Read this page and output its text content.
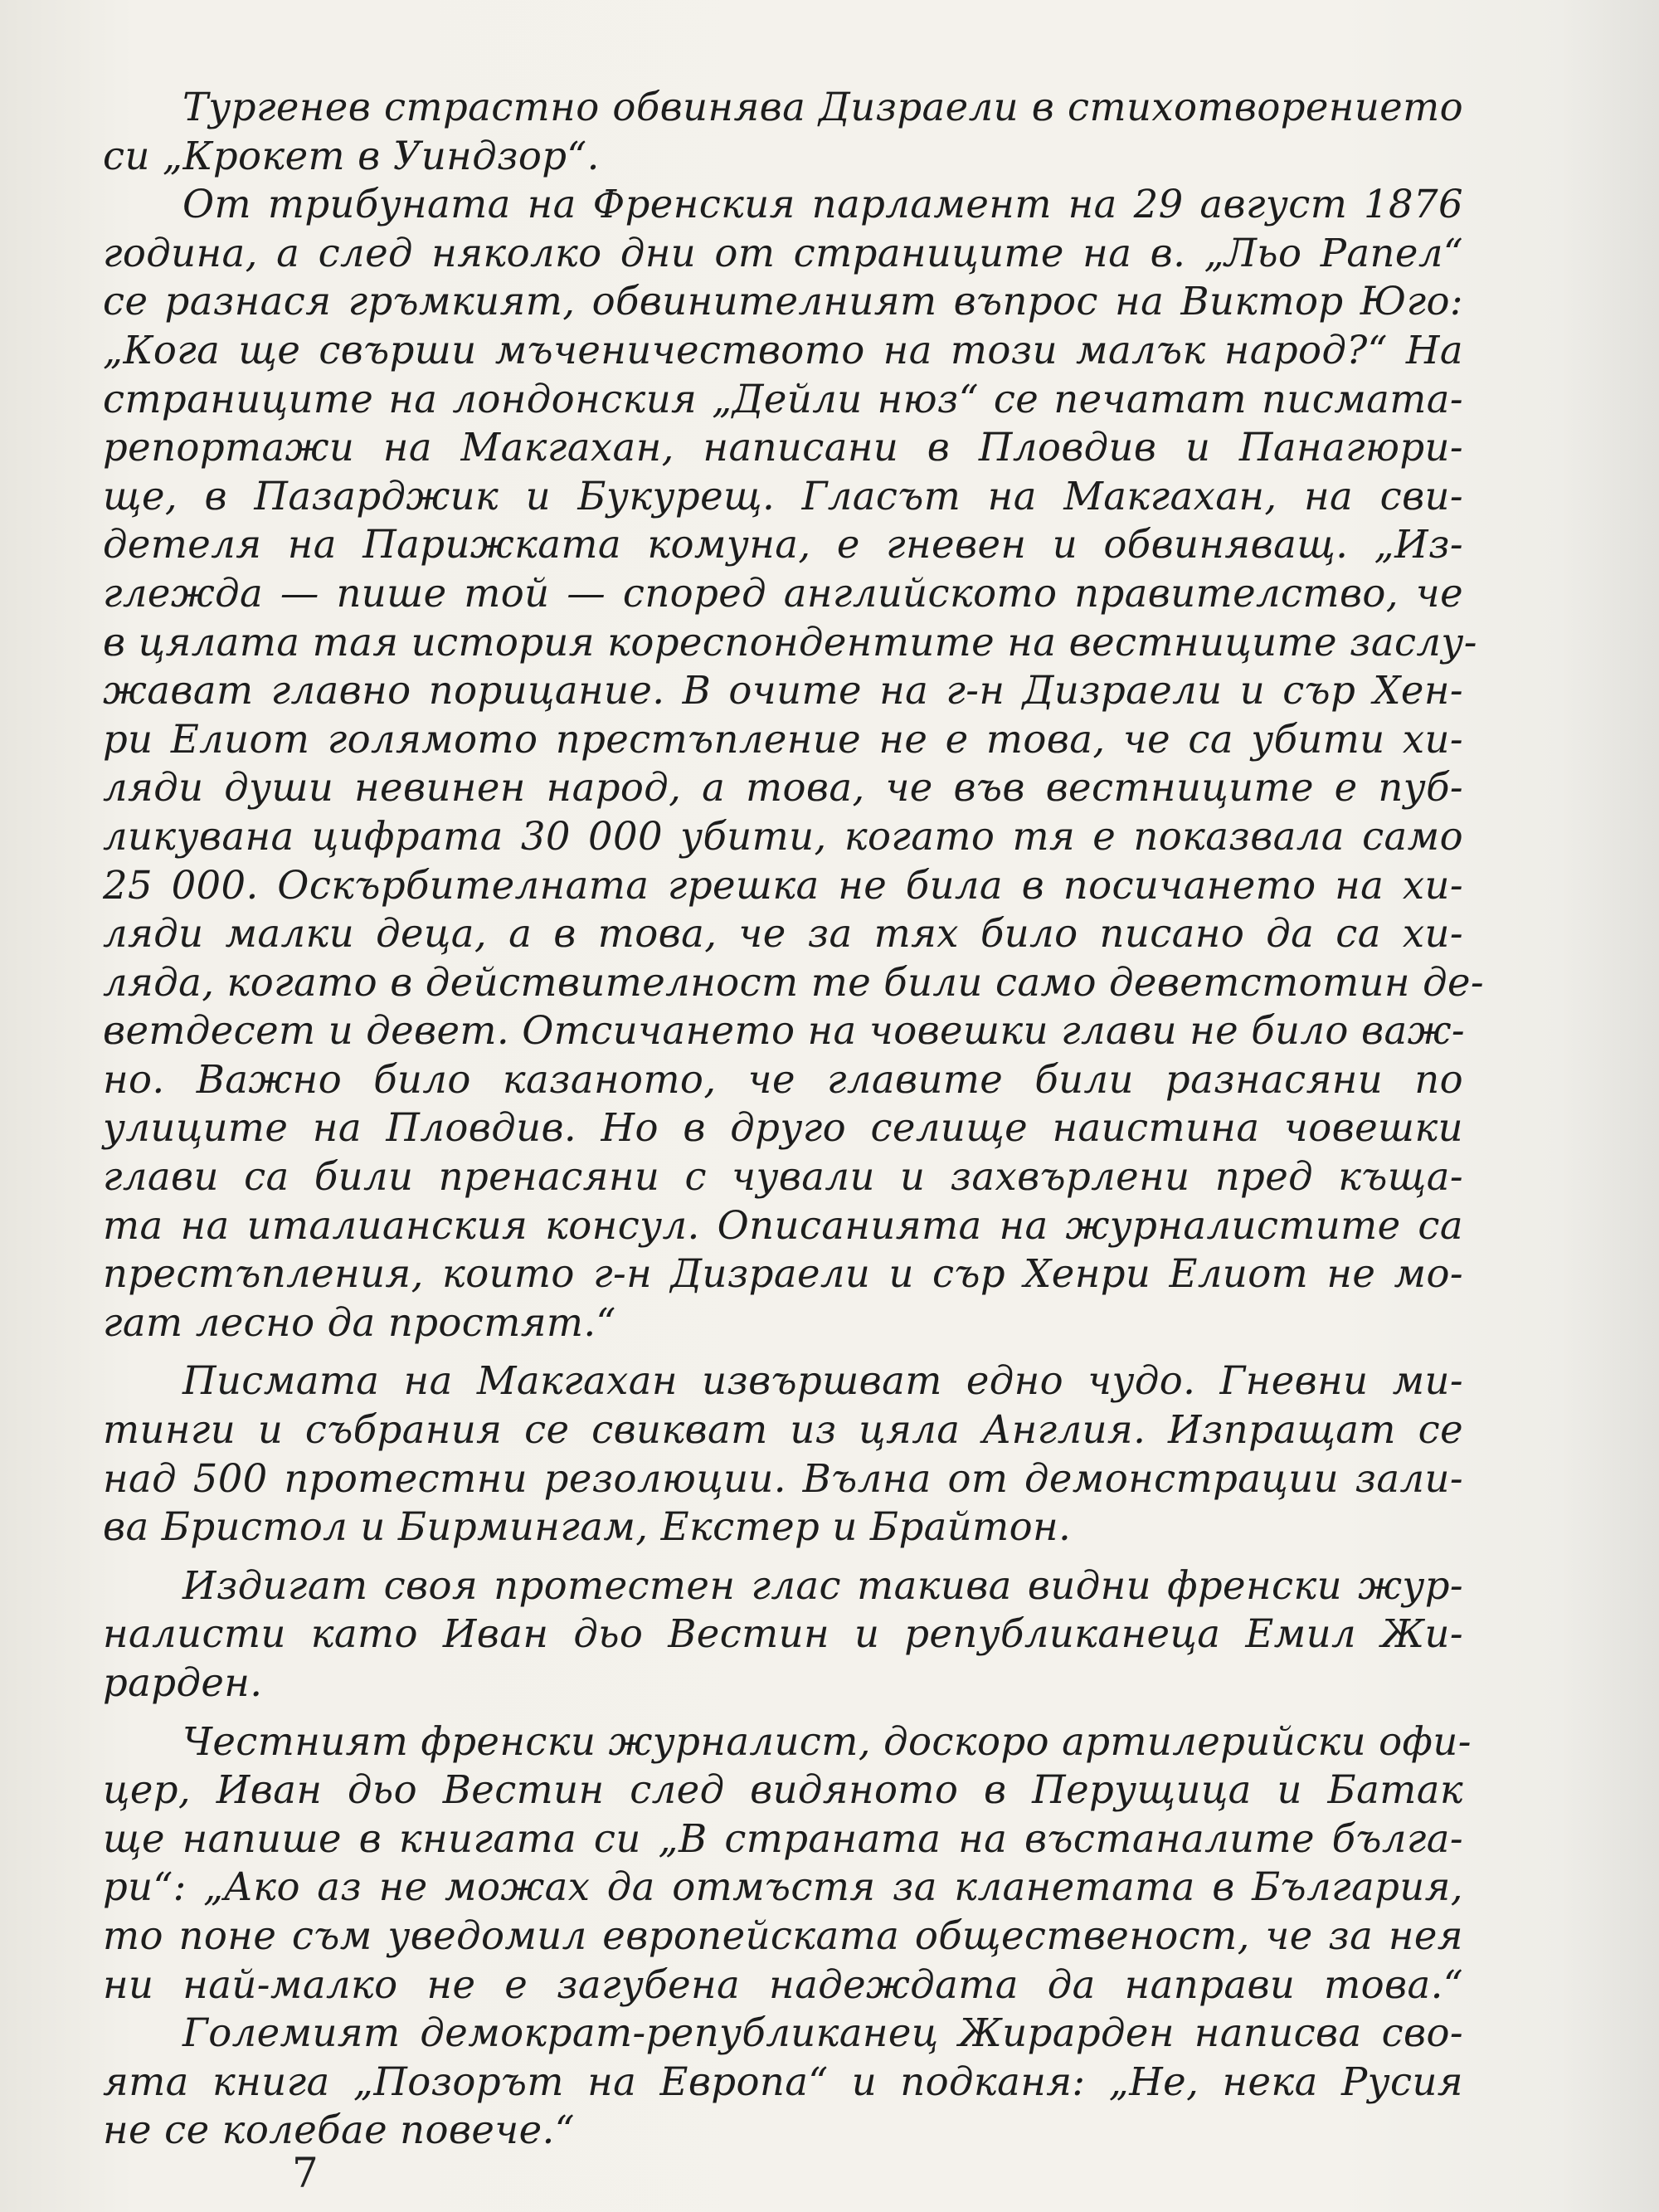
Тургенев страстно обвинява Дизраели в стихотворението
си „Крокет в Уиндзор“.
От трибуната на Френския парламент на 29 август 1876
година, а след няколко дни от страниците на в. „Льо Рапел“
се разнася гръмкият, обвинителният въпрос на Виктор Юго:
„Кога ще свърши мъченичеството на този малък народ?“ На
страниците на лондонския „Дейли нюз“ се печатат писмата-
репортажи на Макгахан, написани в Пловдив и Панагюри-
ще, в Пазарджик и Букурещ. Гласът на Макгахан, на сви-
детеля на Парижката комуна, е гневен и обвиняващ. „Из-
глежда — пише той — според английското правителство, че
в цялата тая история кореспондентите на вестниците заслу-
жават главно порицание. В очите на г-н Дизраели и сър Хен-
ри Елиот голямото престъпление не е това, че са убити хи-
ляди души невинен народ, а това, че във вестниците е пуб-
ликувана цифрата 30 000 убити, когато тя е показвала само
25 000. Оскърбителната грешка не била в посичането на хи-
ляди малки деца, а в това, че за тях било писано да са хи-
ляда, когато в действителност те били само деветстотин де-
ветдесет и девет. Отсичането на човешки глави не било важ-
но. Важно било казаното, че главите били разнасяни по
улиците на Пловдив. Но в друго селище наистина човешки
глави са били пренасяни с чували и захвърлени пред къща-
та на италианския консул. Описанията на журналистите са
престъпления, които г-н Дизраели и сър Хенри Елиот не мо-
гат лесно да простят.“
Писмата на Макгахан извършват едно чудо. Гневни ми-
тинги и събрания се свикват из цяла Англия. Изпращат се
над 500 протестни резолюции. Вълна от демонстрации зали-
ва Бристол и Бирмингам, Екстер и Брайтон.
Издигат своя протестен глас такива видни френски жур-
налисти като Иван дьо Вестин и републиканеца Емил Жи-
рарден.
Честният френски журналист, доскоро артилерийски офи-
цер, Иван дьо Вестин след видяното в Перущица и Батак
ще напише в книгата си „В страната на въстаналите бълга-
ри“: „Ако аз не можах да отмъстя за кланетата в България,
то поне съм уведомил европейската общественост, че за нея
ни най-малко не е загубена надеждата да направи това.“
Големият демократ-републиканец Жирарден написва сво-
ята книга „Позорът на Европа“ и подканя: „Не, нека Русия
не се колебае повече.“
7
